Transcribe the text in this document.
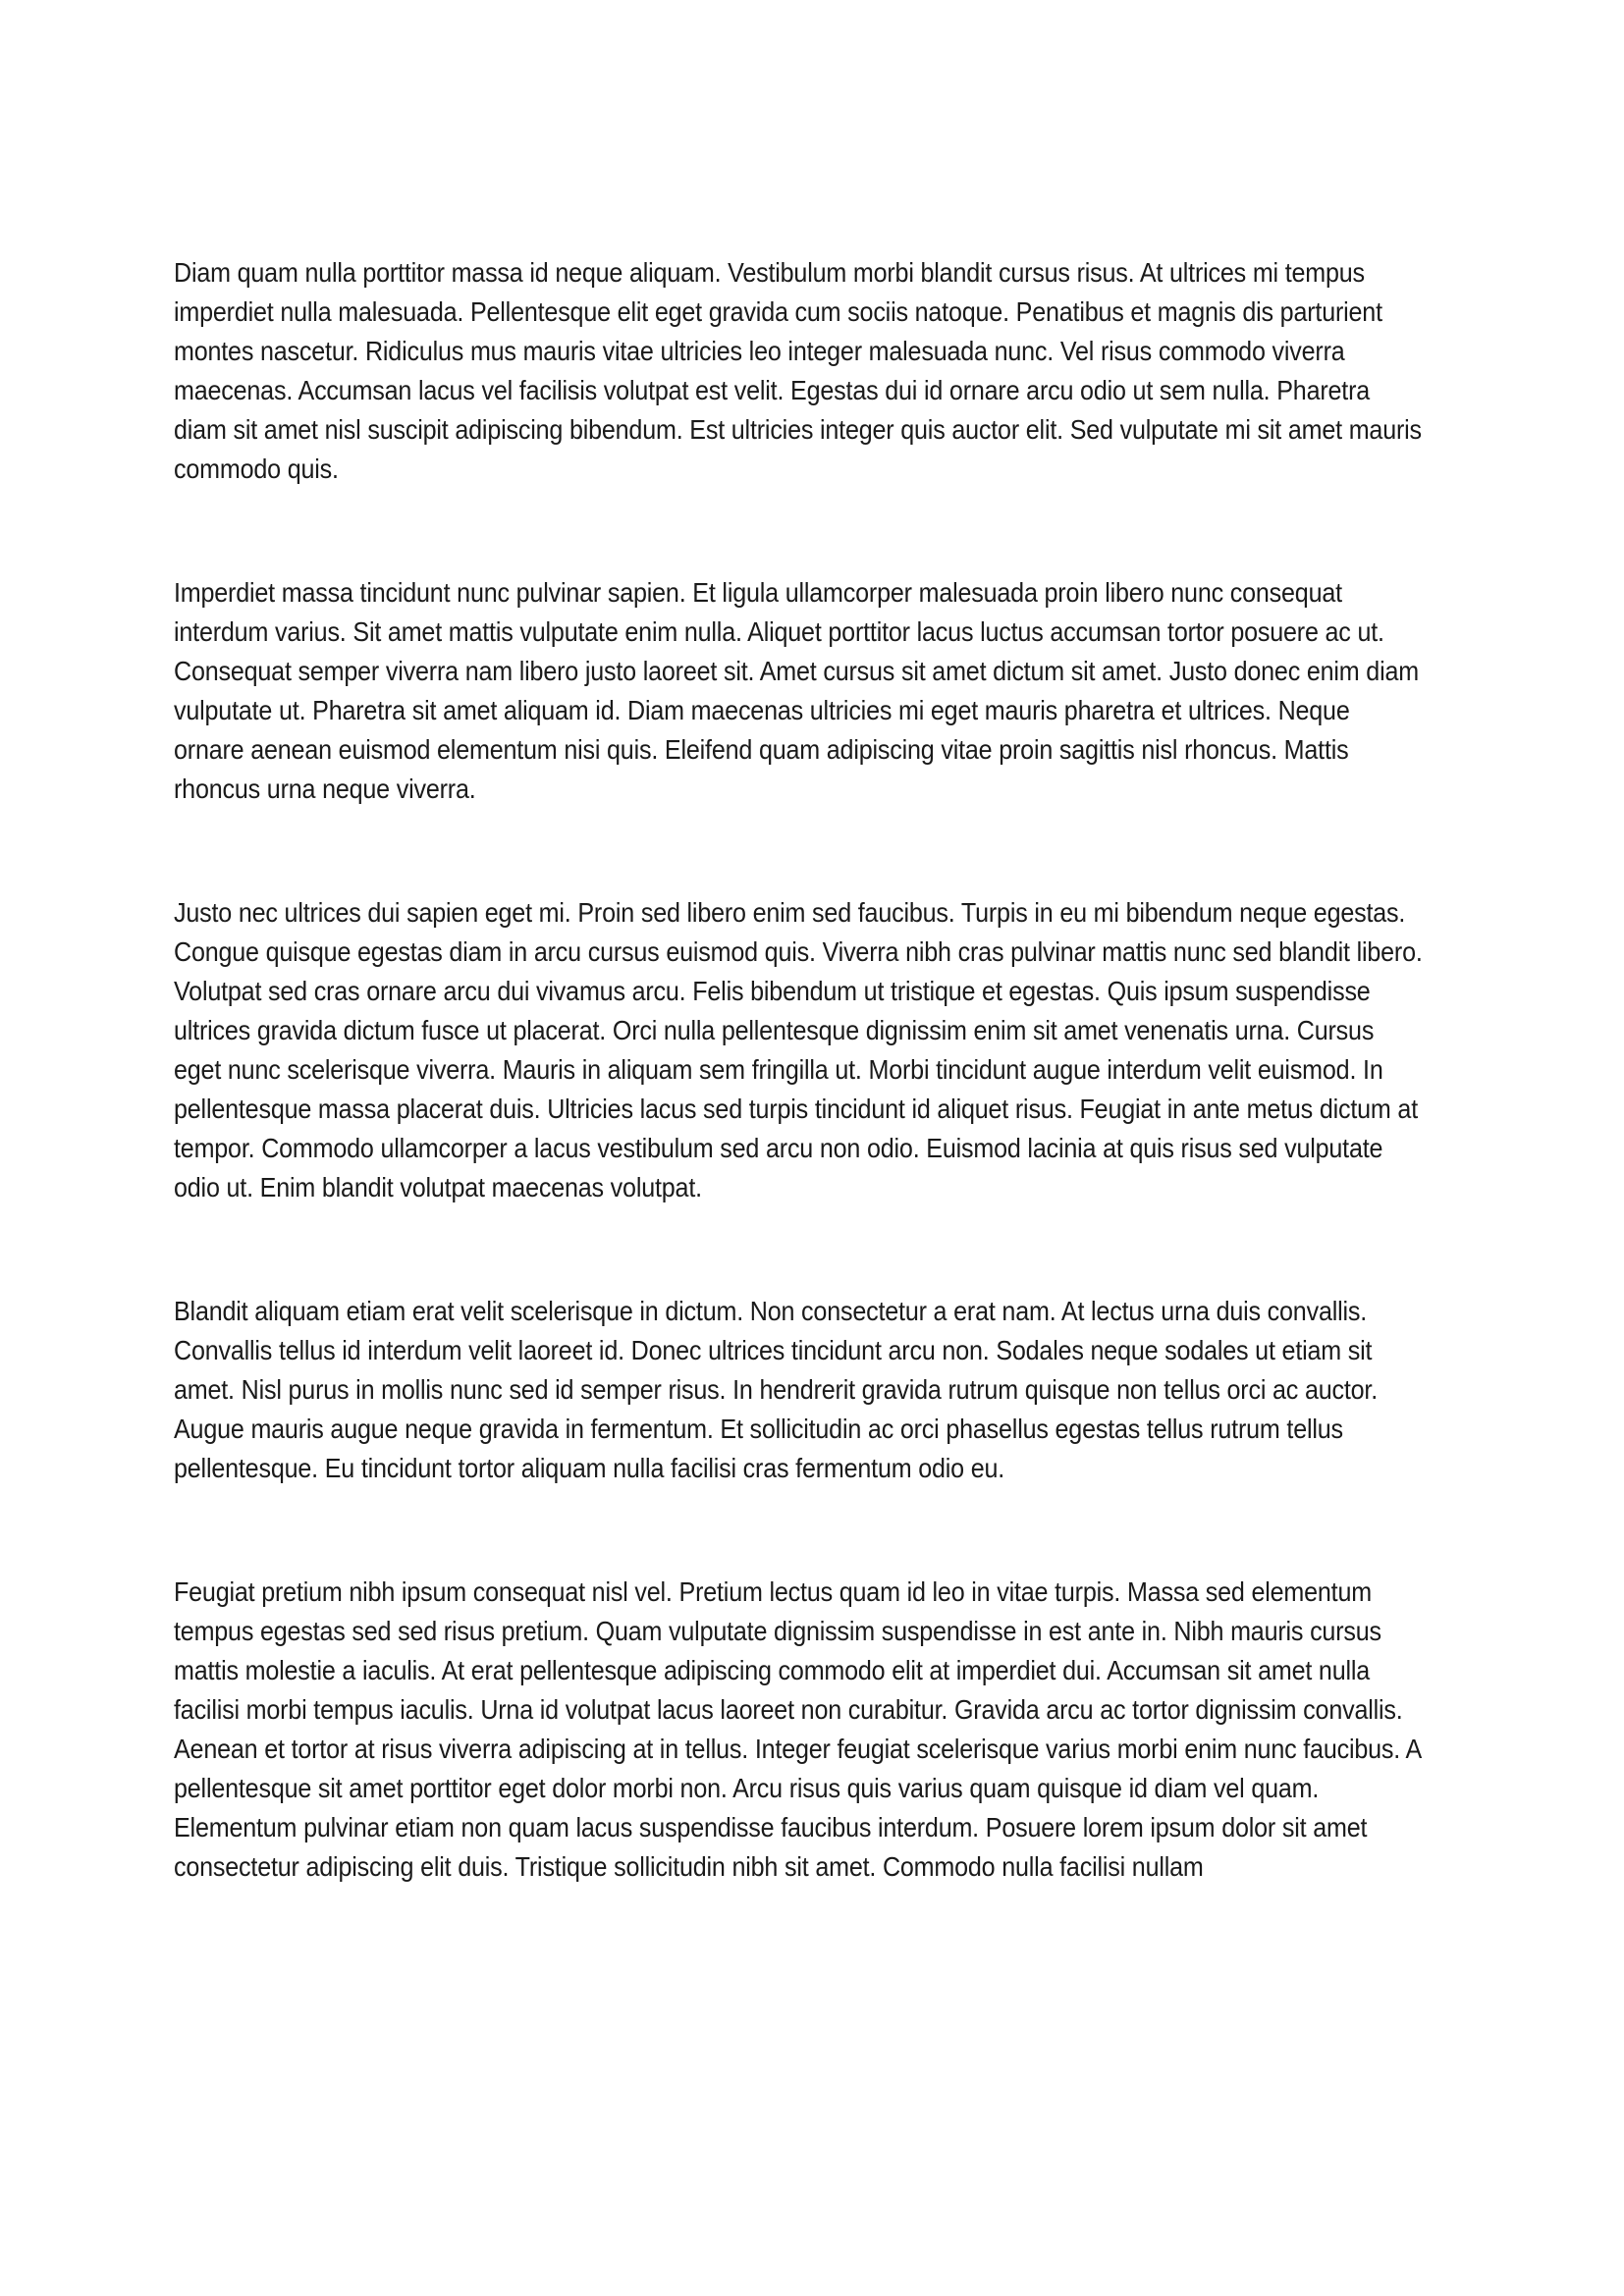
Diam quam nulla porttitor massa id neque aliquam. Vestibulum morbi blandit cursus risus. At ultrices mi tempus imperdiet nulla malesuada. Pellentesque elit eget gravida cum sociis natoque. Penatibus et magnis dis parturient montes nascetur. Ridiculus mus mauris vitae ultricies leo integer malesuada nunc. Vel risus commodo viverra maecenas. Accumsan lacus vel facilisis volutpat est velit. Egestas dui id ornare arcu odio ut sem nulla. Pharetra diam sit amet nisl suscipit adipiscing bibendum. Est ultricies integer quis auctor elit. Sed vulputate mi sit amet mauris commodo quis.

Imperdiet massa tincidunt nunc pulvinar sapien. Et ligula ullamcorper malesuada proin libero nunc consequat interdum varius. Sit amet mattis vulputate enim nulla. Aliquet porttitor lacus luctus accumsan tortor posuere ac ut. Consequat semper viverra nam libero justo laoreet sit. Amet cursus sit amet dictum sit amet. Justo donec enim diam vulputate ut. Pharetra sit amet aliquam id. Diam maecenas ultricies mi eget mauris pharetra et ultrices. Neque ornare aenean euismod elementum nisi quis. Eleifend quam adipiscing vitae proin sagittis nisl rhoncus. Mattis rhoncus urna neque viverra.

Justo nec ultrices dui sapien eget mi. Proin sed libero enim sed faucibus. Turpis in eu mi bibendum neque egestas. Congue quisque egestas diam in arcu cursus euismod quis. Viverra nibh cras pulvinar mattis nunc sed blandit libero. Volutpat sed cras ornare arcu dui vivamus arcu. Felis bibendum ut tristique et egestas. Quis ipsum suspendisse ultrices gravida dictum fusce ut placerat. Orci nulla pellentesque dignissim enim sit amet venenatis urna. Cursus eget nunc scelerisque viverra. Mauris in aliquam sem fringilla ut. Morbi tincidunt augue interdum velit euismod. In pellentesque massa placerat duis. Ultricies lacus sed turpis tincidunt id aliquet risus. Feugiat in ante metus dictum at tempor. Commodo ullamcorper a lacus vestibulum sed arcu non odio. Euismod lacinia at quis risus sed vulputate odio ut. Enim blandit volutpat maecenas volutpat.

Blandit aliquam etiam erat velit scelerisque in dictum. Non consectetur a erat nam. At lectus urna duis convallis. Convallis tellus id interdum velit laoreet id. Donec ultrices tincidunt arcu non. Sodales neque sodales ut etiam sit amet. Nisl purus in mollis nunc sed id semper risus. In hendrerit gravida rutrum quisque non tellus orci ac auctor. Augue mauris augue neque gravida in fermentum. Et sollicitudin ac orci phasellus egestas tellus rutrum tellus pellentesque. Eu tincidunt tortor aliquam nulla facilisi cras fermentum odio eu.

Feugiat pretium nibh ipsum consequat nisl vel. Pretium lectus quam id leo in vitae turpis. Massa sed elementum tempus egestas sed sed risus pretium. Quam vulputate dignissim suspendisse in est ante in. Nibh mauris cursus mattis molestie a iaculis. At erat pellentesque adipiscing commodo elit at imperdiet dui. Accumsan sit amet nulla facilisi morbi tempus iaculis. Urna id volutpat lacus laoreet non curabitur. Gravida arcu ac tortor dignissim convallis. Aenean et tortor at risus viverra adipiscing at in tellus. Integer feugiat scelerisque varius morbi enim nunc faucibus. A pellentesque sit amet porttitor eget dolor morbi non. Arcu risus quis varius quam quisque id diam vel quam. Elementum pulvinar etiam non quam lacus suspendisse faucibus interdum. Posuere lorem ipsum dolor sit amet consectetur adipiscing elit duis. Tristique sollicitudin nibh sit amet. Commodo nulla facilisi nullam
